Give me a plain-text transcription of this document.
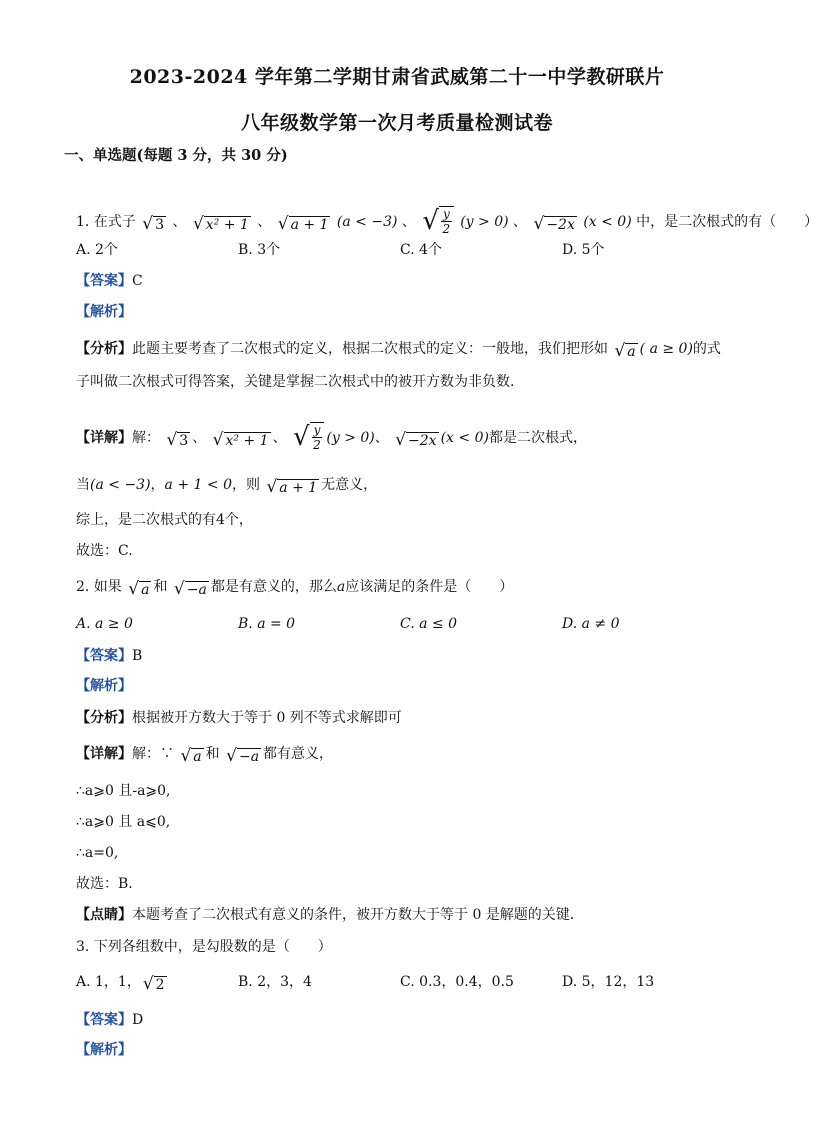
2023-2024 学年第二学期甘肃省武威第二十一中学教研联片
八年级数学第一次月考质量检测试卷
一、单选题(每题 3 分，共 30 分)
1. 在式子 √ 3 、 √ x² + 1 、 √ a + 1 (a < −3) 、 √ $\frac{y}{2} (y > 0)$ 、 √ −2x (x < 0) 中，是二次根式的有（　　）
A. 2个	B. 3个	C. 4个	D. 5个
【答案】C
【解析】
【分析】此题主要考查了二次根式的定义，根据二次根式的定义：一般地，我们把形如 √ a ( a ≥ 0)的式
子叫做二次根式可得答案，关键是掌握二次根式中的被开方数为非负数.
【详解】解： √ 3 、 √ x² + 1 、 √ $\frac{y}{2} (y > 0)$、 √ −2x (x < 0)都是二次根式，
当(a < −3)，a + 1 < 0，则 √ a + 1 无意义，
综上，是二次根式的有4个，
故选：C.
2. 如果 √ a 和 √ −a 都是有意义的，那么a应该满足的条件是（　　）
A. a ≥ 0	B. a = 0	C. a ≤ 0	D. a ≠ 0
【答案】B
【解析】
【分析】根据被开方数大于等于 0 列不等式求解即可
【详解】解：∵ √ a 和 √ −a 都有意义，
∴a⩾0 且-a⩾0,
∴a⩾0 且 a⩽0,
∴a=0,
故选：B.
【点睛】本题考查了二次根式有意义的条件，被开方数大于等于 0 是解题的关键.
3. 下列各组数中，是勾股数的是（　　）
A. 1，1， √ 2	B. 2，3，4	C. 0.3，0.4，0.5	D. 5，12，13
【答案】D
【解析】
